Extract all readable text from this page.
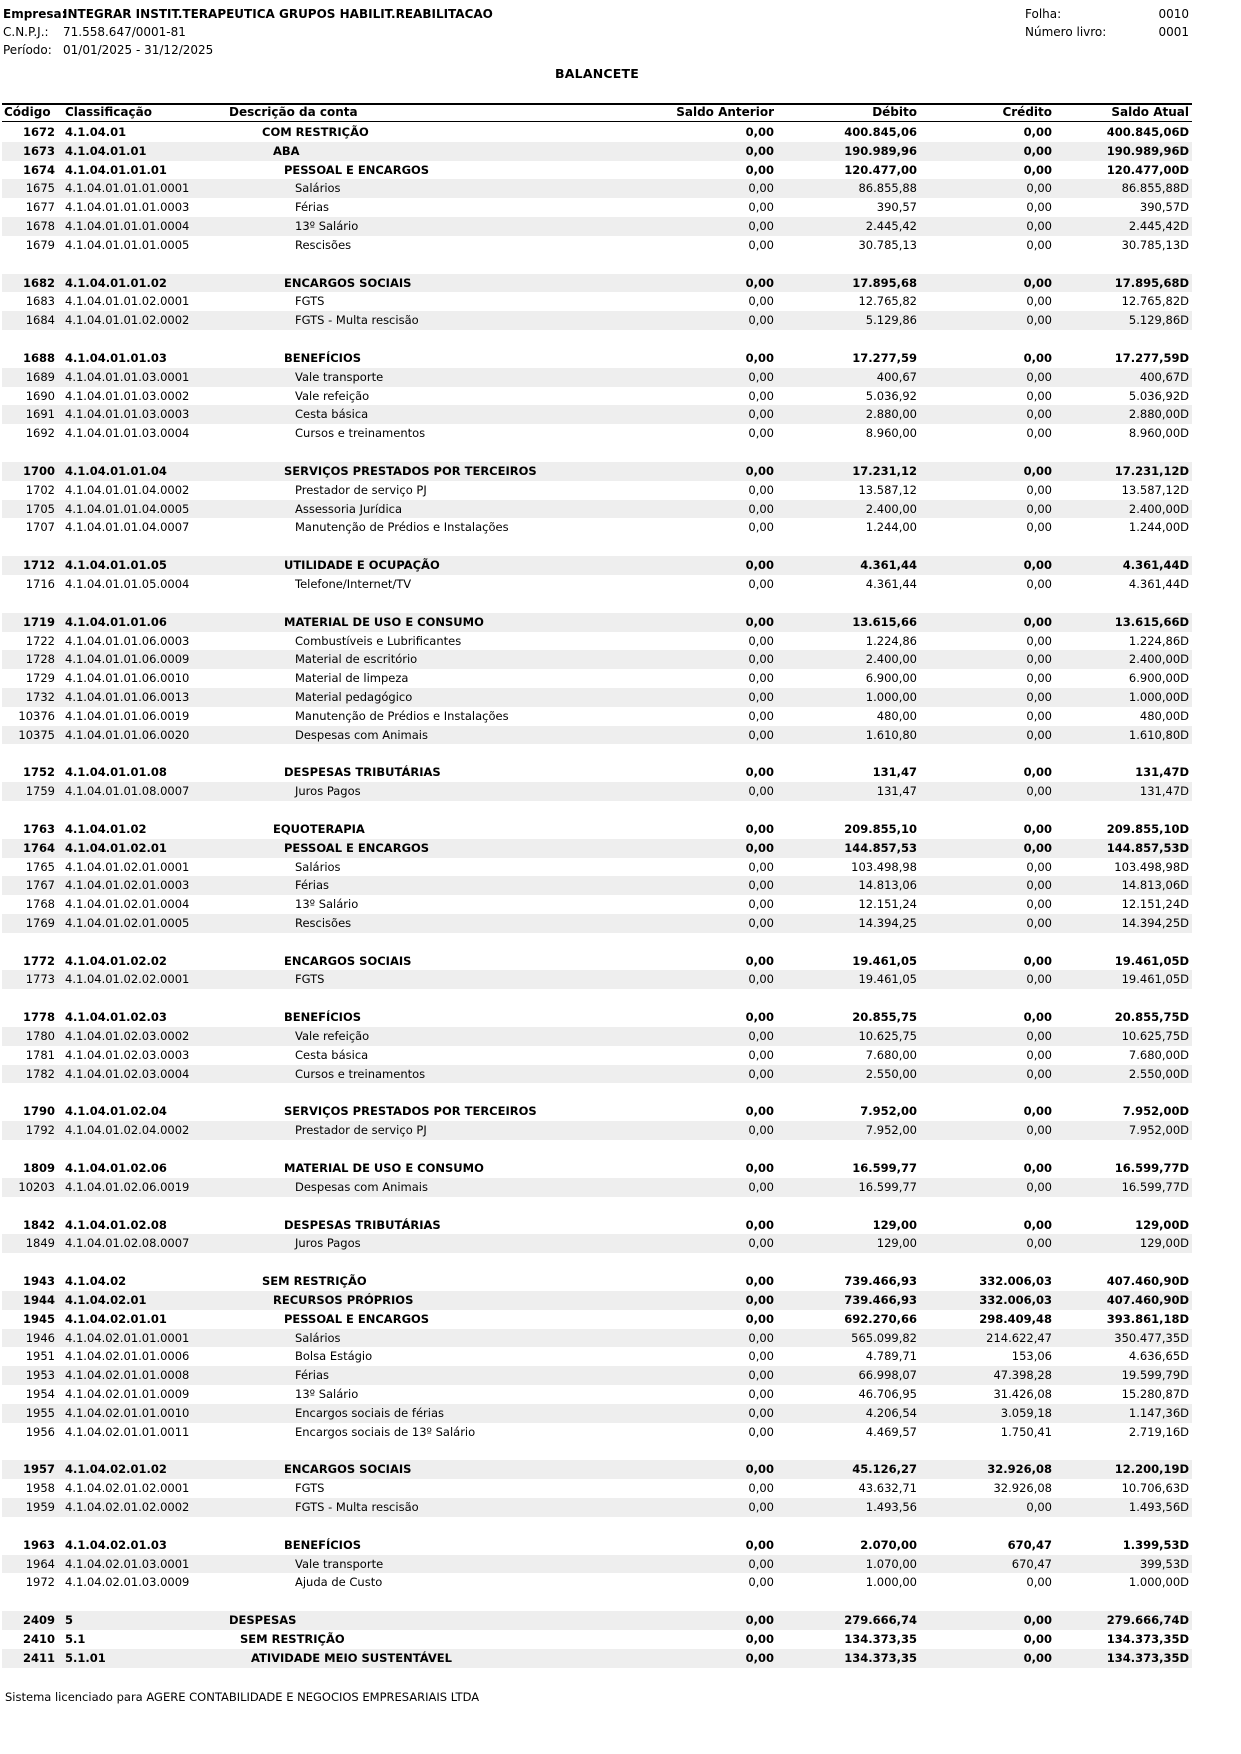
Empresa:
INTEGRAR INSTIT.TERAPEUTICA GRUPOS HABILIT.REABILITACAO
C.N.P.J.: 71.558.647/0001-81
Período: 01/01/2025 - 31/12/2025
Folha:	0010
Número livro:	0001
BALANCETE
Código	Classificação	Descrição da conta	Saldo Anterior	Débito	Crédito	Saldo Atual
1672 4.1.04.01	COM RESTRIÇÃO	0,00	400.845,06	0,00	400.845,06D
1673 4.1.04.01.01	ABA	0,00	190.989,96	0,00	190.989,96D
1674 4.1.04.01.01.01	PESSOAL E ENCARGOS	0,00	120.477,00	0,00	120.477,00D
1675 4.1.04.01.01.01.0001	Salários	0,00	86.855,88	0,00	86.855,88D
1677 4.1.04.01.01.01.0003	Férias	0,00	390,57	0,00	390,57D
1678 4.1.04.01.01.01.0004	13º Salário	0,00	2.445,42	0,00	2.445,42D
1679 4.1.04.01.01.01.0005	Rescisões	0,00	30.785,13	0,00	30.785,13D
1682 4.1.04.01.01.02	ENCARGOS SOCIAIS	0,00	17.895,68	0,00	17.895,68D
1683 4.1.04.01.01.02.0001	FGTS	0,00	12.765,82	0,00	12.765,82D
1684 4.1.04.01.01.02.0002	FGTS - Multa rescisão	0,00	5.129,86	0,00	5.129,86D
1688 4.1.04.01.01.03	BENEFÍCIOS	0,00	17.277,59	0,00	17.277,59D
1689 4.1.04.01.01.03.0001	Vale transporte	0,00	400,67	0,00	400,67D
1690 4.1.04.01.01.03.0002	Vale refeição	0,00	5.036,92	0,00	5.036,92D
1691 4.1.04.01.01.03.0003	Cesta básica	0,00	2.880,00	0,00	2.880,00D
1692 4.1.04.01.01.03.0004	Cursos e treinamentos	0,00	8.960,00	0,00	8.960,00D
1700 4.1.04.01.01.04	SERVIÇOS PRESTADOS POR TERCEIROS	0,00	17.231,12	0,00	17.231,12D
1702 4.1.04.01.01.04.0002	Prestador de serviço PJ	0,00	13.587,12	0,00	13.587,12D
1705 4.1.04.01.01.04.0005	Assessoria Jurídica	0,00	2.400,00	0,00	2.400,00D
1707 4.1.04.01.01.04.0007	Manutenção de Prédios e Instalações	0,00	1.244,00	0,00	1.244,00D
1712 4.1.04.01.01.05	UTILIDADE E OCUPAÇÃO	0,00	4.361,44	0,00	4.361,44D
1716 4.1.04.01.01.05.0004	Telefone/Internet/TV	0,00	4.361,44	0,00	4.361,44D
1719 4.1.04.01.01.06	MATERIAL DE USO E CONSUMO	0,00	13.615,66	0,00	13.615,66D
1722 4.1.04.01.01.06.0003	Combustíveis e Lubrificantes	0,00	1.224,86	0,00	1.224,86D
1728 4.1.04.01.01.06.0009	Material de escritório	0,00	2.400,00	0,00	2.400,00D
1729 4.1.04.01.01.06.0010	Material de limpeza	0,00	6.900,00	0,00	6.900,00D
1732 4.1.04.01.01.06.0013	Material pedagógico	0,00	1.000,00	0,00	1.000,00D
10376 4.1.04.01.01.06.0019	Manutenção de Prédios e Instalações	0,00	480,00	0,00	480,00D
10375 4.1.04.01.01.06.0020	Despesas com Animais	0,00	1.610,80	0,00	1.610,80D
1752 4.1.04.01.01.08	DESPESAS TRIBUTÁRIAS	0,00	131,47	0,00	131,47D
1759 4.1.04.01.01.08.0007	Juros Pagos	0,00	131,47	0,00	131,47D
1763 4.1.04.01.02	EQUOTERAPIA	0,00	209.855,10	0,00	209.855,10D
1764 4.1.04.01.02.01	PESSOAL E ENCARGOS	0,00	144.857,53	0,00	144.857,53D
1765 4.1.04.01.02.01.0001	Salários	0,00	103.498,98	0,00	103.498,98D
1767 4.1.04.01.02.01.0003	Férias	0,00	14.813,06	0,00	14.813,06D
1768 4.1.04.01.02.01.0004	13º Salário	0,00	12.151,24	0,00	12.151,24D
1769 4.1.04.01.02.01.0005	Rescisões	0,00	14.394,25	0,00	14.394,25D
1772 4.1.04.01.02.02	ENCARGOS SOCIAIS	0,00	19.461,05	0,00	19.461,05D
1773 4.1.04.01.02.02.0001	FGTS	0,00	19.461,05	0,00	19.461,05D
1778 4.1.04.01.02.03	BENEFÍCIOS	0,00	20.855,75	0,00	20.855,75D
1780 4.1.04.01.02.03.0002	Vale refeição	0,00	10.625,75	0,00	10.625,75D
1781 4.1.04.01.02.03.0003	Cesta básica	0,00	7.680,00	0,00	7.680,00D
1782 4.1.04.01.02.03.0004	Cursos e treinamentos	0,00	2.550,00	0,00	2.550,00D
1790 4.1.04.01.02.04	SERVIÇOS PRESTADOS POR TERCEIROS	0,00	7.952,00	0,00	7.952,00D
1792 4.1.04.01.02.04.0002	Prestador de serviço PJ	0,00	7.952,00	0,00	7.952,00D
1809 4.1.04.01.02.06	MATERIAL DE USO E CONSUMO	0,00	16.599,77	0,00	16.599,77D
10203 4.1.04.01.02.06.0019	Despesas com Animais	0,00	16.599,77	0,00	16.599,77D
1842 4.1.04.01.02.08	DESPESAS TRIBUTÁRIAS	0,00	129,00	0,00	129,00D
1849 4.1.04.01.02.08.0007	Juros Pagos	0,00	129,00	0,00	129,00D
1943 4.1.04.02	SEM RESTRIÇÃO	0,00	739.466,93	332.006,03	407.460,90D
1944 4.1.04.02.01	RECURSOS PRÓPRIOS	0,00	739.466,93	332.006,03	407.460,90D
1945 4.1.04.02.01.01	PESSOAL E ENCARGOS	0,00	692.270,66	298.409,48	393.861,18D
1946 4.1.04.02.01.01.0001	Salários	0,00	565.099,82	214.622,47	350.477,35D
1951 4.1.04.02.01.01.0006	Bolsa Estágio	0,00	4.789,71	153,06	4.636,65D
1953 4.1.04.02.01.01.0008	Férias	0,00	66.998,07	47.398,28	19.599,79D
1954 4.1.04.02.01.01.0009	13º Salário	0,00	46.706,95	31.426,08	15.280,87D
1955 4.1.04.02.01.01.0010	Encargos sociais de férias	0,00	4.206,54	3.059,18	1.147,36D
1956 4.1.04.02.01.01.0011	Encargos sociais de 13º Salário	0,00	4.469,57	1.750,41	2.719,16D
1957 4.1.04.02.01.02	ENCARGOS SOCIAIS	0,00	45.126,27	32.926,08	12.200,19D
1958 4.1.04.02.01.02.0001	FGTS	0,00	43.632,71	32.926,08	10.706,63D
1959 4.1.04.02.01.02.0002	FGTS - Multa rescisão	0,00	1.493,56	0,00	1.493,56D
1963 4.1.04.02.01.03	BENEFÍCIOS	0,00	2.070,00	670,47	1.399,53D
1964 4.1.04.02.01.03.0001	Vale transporte	0,00	1.070,00	670,47	399,53D
1972 4.1.04.02.01.03.0009	Ajuda de Custo	0,00	1.000,00	0,00	1.000,00D
2409 5	DESPESAS	0,00	279.666,74	0,00	279.666,74D
2410 5.1	SEM RESTRIÇÃO	0,00	134.373,35	0,00	134.373,35D
2411 5.1.01	ATIVIDADE MEIO SUSTENTÁVEL	0,00	134.373,35	0,00	134.373,35D
Sistema licenciado para AGERE CONTABILIDADE E NEGOCIOS EMPRESARIAIS LTDA
